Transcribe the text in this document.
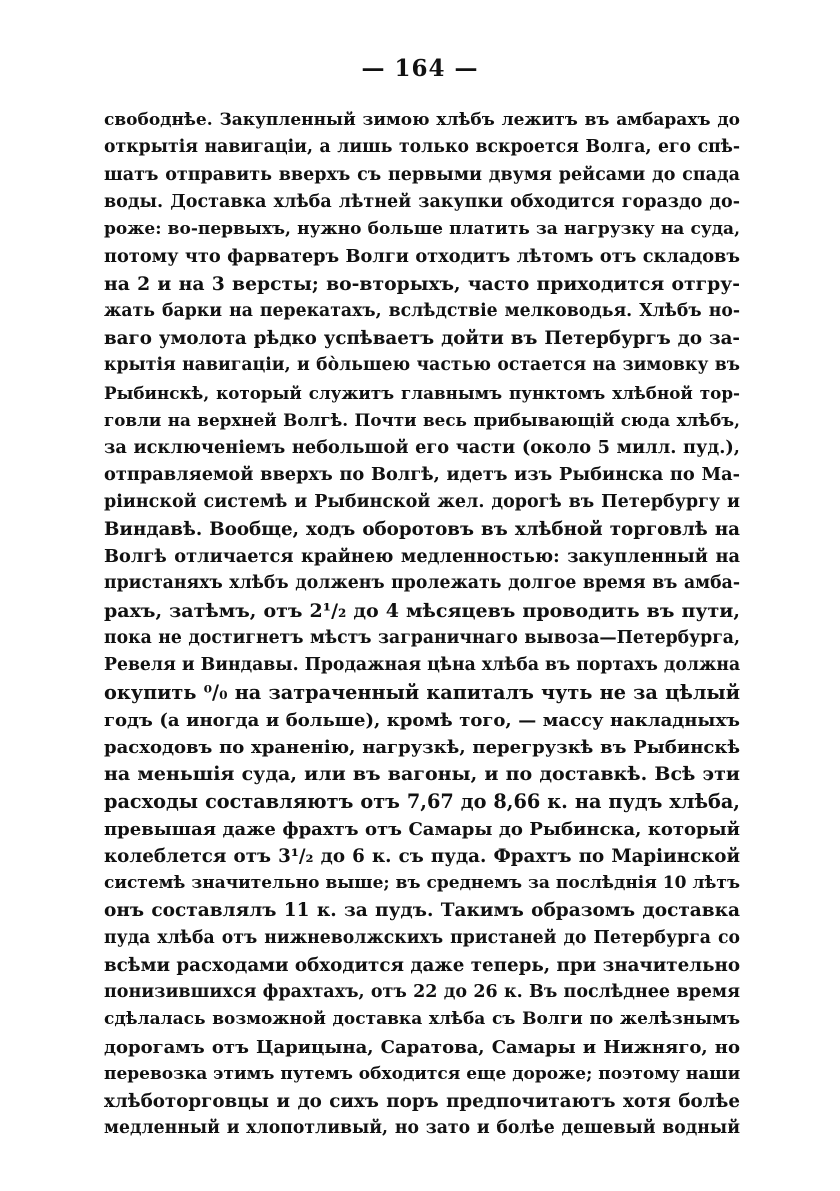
— 164 —
свободнѣе. Закупленный зимою хлѣбъ лежитъ въ амбарахъ до
открытія навигаціи, а лишь только вскроется Волга, его спѣ-
шатъ отправить вверхъ съ первыми двумя рейсами до спада
воды. Доставка хлѣба лѣтней закупки обходится гораздо до-
роже: во-первыхъ, нужно больше платить за нагрузку на суда,
потому что фарватеръ Волги отходитъ лѣтомъ отъ складовъ
на 2 и на 3 версты; во-вторыхъ, часто приходится отгру-
жать барки на перекатахъ, вслѣдствіе мелководья. Хлѣбъ но-
ваго умолота рѣдко успѣваетъ дойти въ Петербургъ до за-
крытія навигаціи, и бо̀льшею частью остается на зимовку въ
Рыбинскѣ, который служитъ главнымъ пунктомъ хлѣбной тор-
говли на верхней Волгѣ. Почти весь прибывающій сюда хлѣбъ,
за исключеніемъ небольшой его части (около 5 милл. пуд.),
отправляемой вверхъ по Волгѣ, идетъ изъ Рыбинска по Ма-
ріинской системѣ и Рыбинской жел. дорогѣ въ Петербургу и
Виндавѣ. Вообще, ходъ оборотовъ въ хлѣбной торговлѣ на
Волгѣ отличается крайнею медленностью: закупленный на
пристаняхъ хлѣбъ долженъ пролежать долгое время въ амба-
рахъ, затѣмъ, отъ 2¹/₂ до 4 мѣсяцевъ проводить въ пути,
пока не достигнетъ мѣстъ заграничнаго вывоза—Петербурга,
Ревеля и Виндавы. Продажная цѣна хлѣба въ портахъ должна
окупить ⁰/₀ на затраченный капиталъ чуть не за цѣлый
годъ (а иногда и больше), кромѣ того, — массу накладныхъ
расходовъ по храненію, нагрузкѣ, перегрузкѣ въ Рыбинскѣ
на меньшія суда, или въ вагоны, и по доставкѣ. Всѣ эти
расходы составляютъ отъ 7,67 до 8,66 к. на пудъ хлѣба,
превышая даже фрахтъ отъ Самары до Рыбинска, который
колеблется отъ 3¹/₂ до 6 к. съ пуда. Фрахтъ по Маріинской
системѣ значительно выше; въ среднемъ за послѣднія 10 лѣтъ
онъ составлялъ 11 к. за пудъ. Такимъ образомъ доставка
пуда хлѣба отъ нижневолжскихъ пристаней до Петербурга со
всѣми расходами обходится даже теперь, при значительно
понизившихся фрахтахъ, отъ 22 до 26 к. Въ послѣднее время
сдѣлалась возможной доставка хлѣба съ Волги по желѣзнымъ
дорогамъ отъ Царицына, Саратова, Самары и Нижняго, но
перевозка этимъ путемъ обходится еще дороже; поэтому наши
хлѣботорговцы и до сихъ поръ предпочитаютъ хотя болѣе
медленный и хлопотливый, но зато и болѣе дешевый водный
